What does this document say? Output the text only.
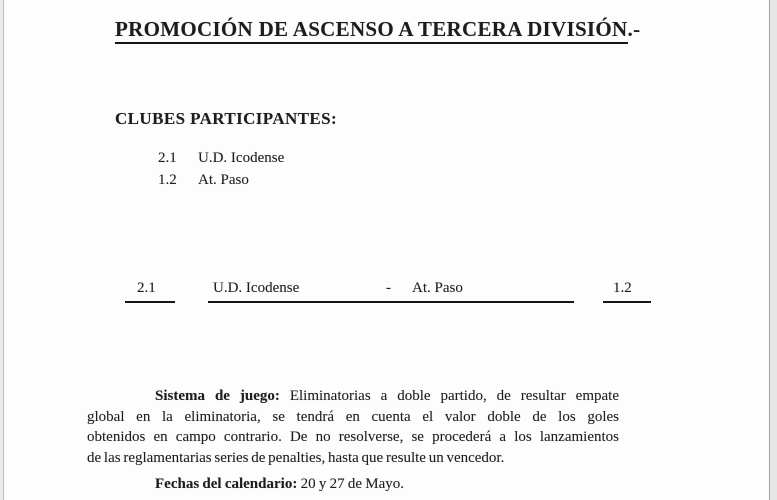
PROMOCIÓN DE ASCENSO A TERCERA DIVISIÓN.-
CLUBES PARTICIPANTES:
2.1	U.D. Icodense
1.2	At. Paso
2.1	U.D. Icodense	- At. Paso	1.2
Sistema de juego: Eliminatorias a doble partido, de resultar empate
global en la eliminatoria, se tendrá en cuenta el valor doble de los goles
obtenidos en campo contrario. De no resolverse, se procederá a los lanzamientos
de las reglamentarias series de penalties, hasta que resulte un vencedor.
Fechas del calendario: 20 y 27 de Mayo.
